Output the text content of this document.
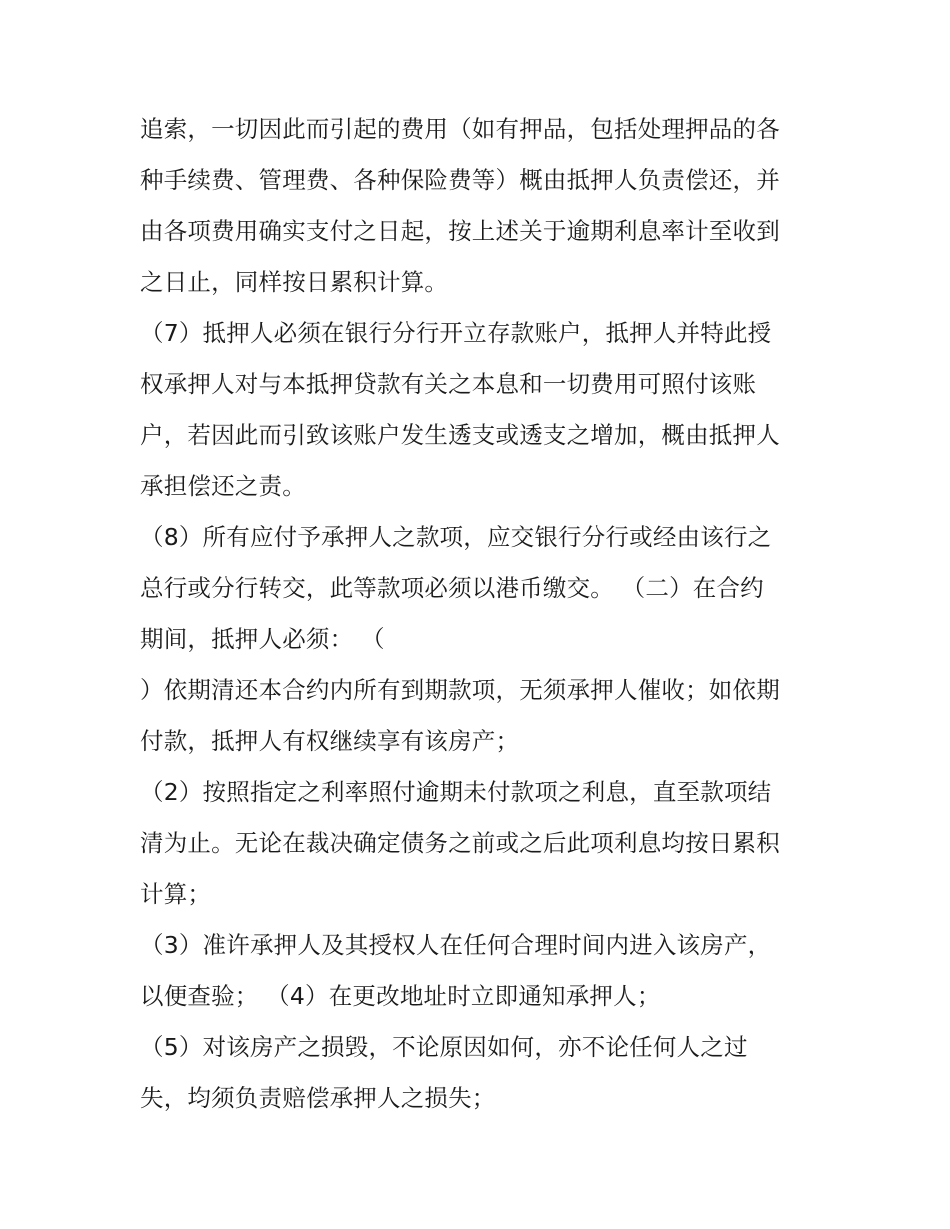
追索，一切因此而引起的费用（如有押品，包括处理押品的各
种手续费、管理费、各种保险费等）概由抵押人负责偿还，并
由各项费用确实支付之日起，按上述关于逾期利息率计至收到
之日止，同样按日累积计算。
（7）抵押人必须在银行分行开立存款账户，抵押人并特此授
权承押人对与本抵押贷款有关之本息和一切费用可照付该账
户，若因此而引致该账户发生透支或透支之增加，概由抵押人
承担偿还之责。
（8）所有应付予承押人之款项，应交银行分行或经由该行之
总行或分行转交，此等款项必须以港币缴交。 （二）在合约
期间，抵押人必须： （
）依期清还本合约内所有到期款项，无须承押人催收；如依期
付款，抵押人有权继续享有该房产；
（2）按照指定之利率照付逾期未付款项之利息，直至款项结
清为止。无论在裁决确定债务之前或之后此项利息均按日累积
计算；
（3）准许承押人及其授权人在任何合理时间内进入该房产，
以便查验； （4）在更改地址时立即通知承押人；
（5）对该房产之损毁，不论原因如何，亦不论任何人之过
失，均须负责赔偿承押人之损失；
